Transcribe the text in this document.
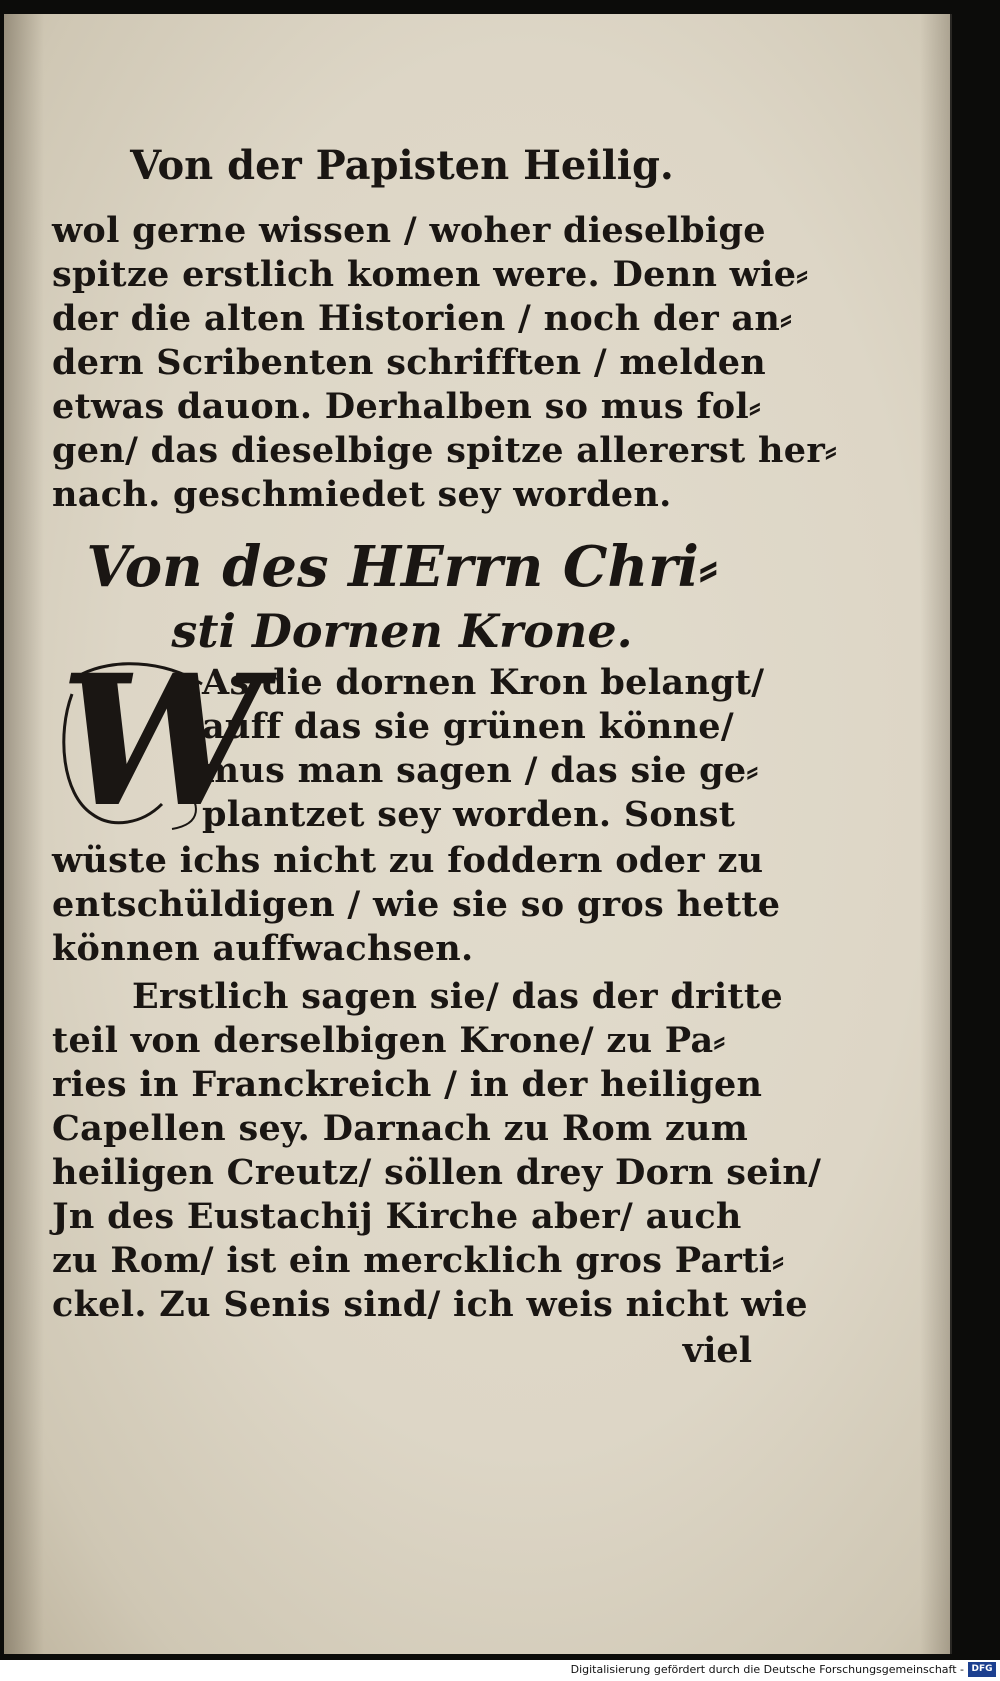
Von der Papisten Heilig.
wol gerne wissen / woher dieselbige
spitze erstlich komen were. Denn wie⸗
der die alten Historien / noch der an⸗
dern Scribenten schrifften / melden
etwas dauon. Derhalben so mus fol⸗
gen/ das dieselbige spitze allererst her⸗
nach. geschmiedet sey worden.
Von des HErrn Chri⸗
sti Dornen Krone.
As die dornen Kron belangt/
auff das sie grünen könne/
mus man sagen / das sie ge⸗
plantzet sey worden. Sonst
wüste ichs nicht zu foddern oder zu
entschüldigen / wie sie so gros hette
können auffwachsen.
Erstlich sagen sie/ das der dritte
teil von derselbigen Krone/ zu Pa⸗
ries in Franckreich / in der heiligen
Capellen sey. Darnach zu Rom zum
heiligen Creutz/ söllen drey Dorn sein/
Jn des Eustachij Kirche aber/ auch
zu Rom/ ist ein mercklich gros Parti⸗
ckel. Zu Senis sind/ ich weis nicht wie
viel
W
Digitalisierung gefördert durch die Deutsche Forschungsgemeinschaft - DFG
